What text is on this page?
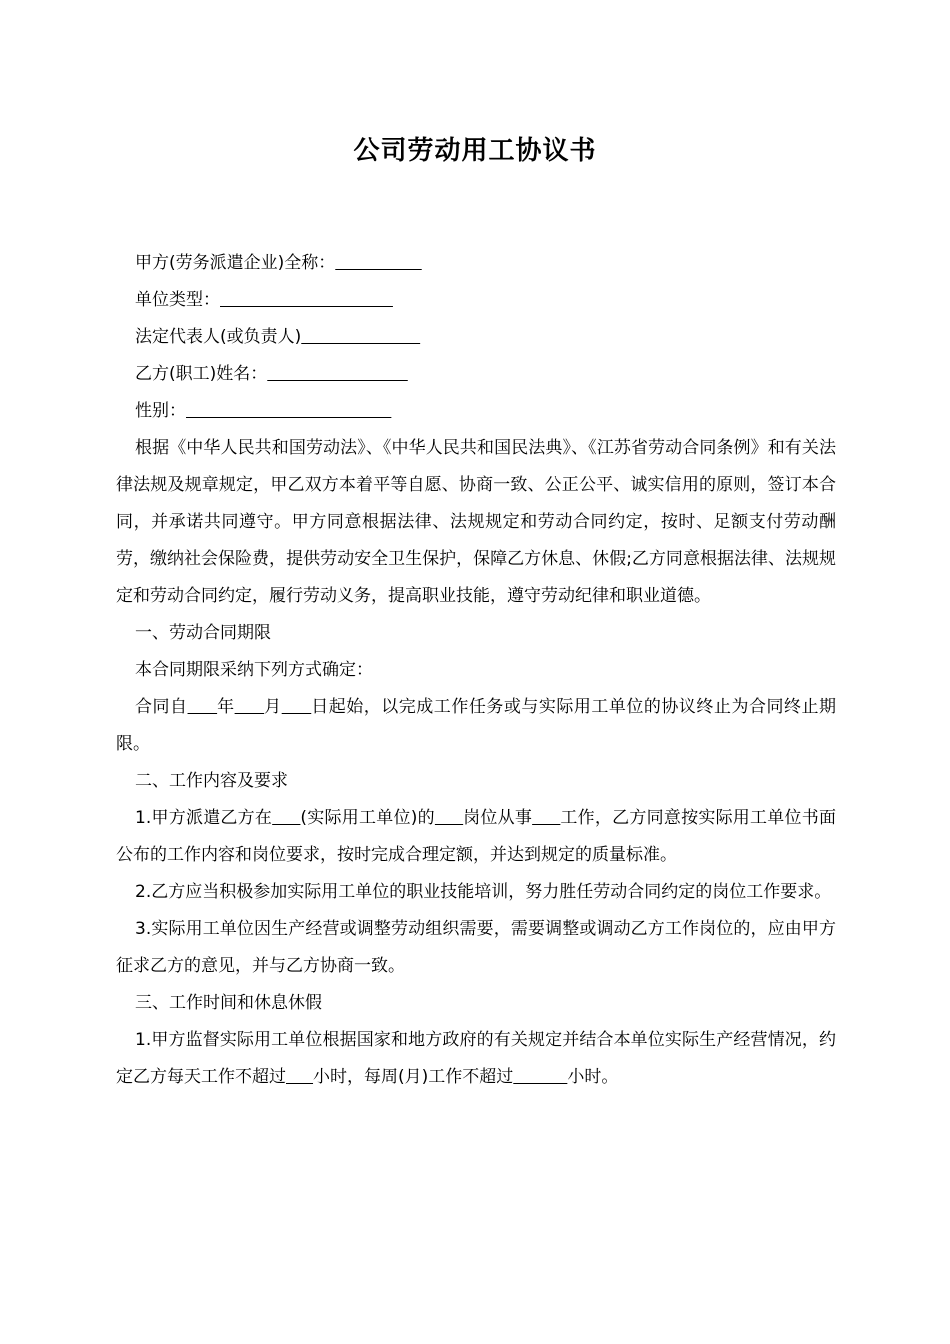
公司劳动用工协议书
甲方(劳务派遣企业)全称：
单位类型：
法定代表人(或负责人)
乙方(职工)姓名：
性别：
根据《中华人民共和国劳动法》、《中华人民共和国民法典》、《江苏省劳动合同条例》和有关法律法规及规章规定，甲乙双方本着平等自愿、协商一致、公正公平、诚实信用的原则，签订本合同，并承诺共同遵守。甲方同意根据法律、法规规定和劳动合同约定，按时、足额支付劳动酬劳，缴纳社会保险费，提供劳动安全卫生保护，保障乙方休息、休假;乙方同意根据法律、法规规定和劳动合同约定，履行劳动义务，提高职业技能，遵守劳动纪律和职业道德。
一、劳动合同期限
本合同期限采纳下列方式确定：
合同自 年 月 日起始，以完成工作任务或与实际用工单位的协议终止为合同终止期限。
二、工作内容及要求
1.甲方派遣乙方在 (实际用工单位)的 岗位从事 工作，乙方同意按实际用工单位书面公布的工作内容和岗位要求，按时完成合理定额，并达到规定的质量标准。
2.乙方应当积极参加实际用工单位的职业技能培训，努力胜任劳动合同约定的岗位工作要求。
3.实际用工单位因生产经营或调整劳动组织需要，需要调整或调动乙方工作岗位的，应由甲方征求乙方的意见，并与乙方协商一致。
三、工作时间和休息休假
1.甲方监督实际用工单位根据国家和地方政府的有关规定并结合本单位实际生产经营情况，约定乙方每天工作不超过 小时，每周(月)工作不超过	小时。
